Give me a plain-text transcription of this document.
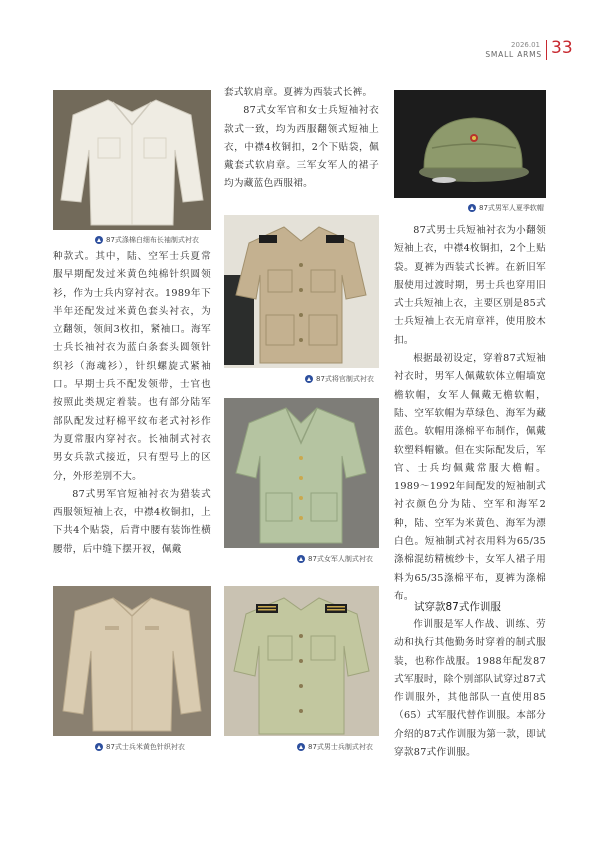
2026.01
SMALL ARMS 33
87式涤棉白细布长袖制式衬衣

种款式。其中，陆、空军士兵夏常服早期配发过米黄色纯棉针织圆领衫，作为士兵内穿衬衣。1989年下半年还配发过米黄色套头衬衣，为立翻领，领间3枚扣，紧袖口。海军士兵长袖衬衣为蓝白条套头圆领针织衫（海魂衫），针织螺旋式紧袖口。早期士兵不配发领带，士官也按照此类规定着装。也有部分陆军部队配发过籽棉平纹布老式衬衫作为夏常服内穿衬衣。长袖制式衬衣男女兵款式接近，只有型号上的区分，外形差别不大。

87式男军官短袖衬衣为猎装式西服领短袖上衣，中襟4枚铜扣，上下共4个贴袋，后背中腰有装饰性横腰带，后中缝下摆开衩，佩戴

87式士兵米黄色针织衬衣

套式软肩章。夏裤为西装式长裤。

87式女军官和女士兵短袖衬衣款式一致，均为西服翻领式短袖上衣，中襟4枚铜扣，2个下贴袋，佩戴套式软肩章。三军女军人的裙子均为藏蓝色西服裙。

87式将官制式衬衣
87式女军人制式衬衣
87式男士兵制式衬衣
87式男军人夏季软帽

87式男士兵短袖衬衣为小翻领短袖上衣，中襟4枚铜扣，2个上贴袋。夏裤为西装式长裤。在新旧军服使用过渡时期，男士兵也穿用旧式士兵短袖上衣，主要区别是85式士兵短袖上衣无肩章袢，使用胶木扣。

根据最初设定，穿着87式短袖衬衣时，男军人佩戴软体立帽墙宽檐软帽，女军人佩戴无檐软帽，陆、空军软帽为草绿色、海军为藏蓝色。软帽用涤棉平布制作，佩戴软塑料帽徽。但在实际配发后，军官、士兵均佩戴常服大檐帽。1989～1992年间配发的短袖制式衬衣颜色分为陆、空军和海军2种，陆、空军为米黄色、海军为漂白色。短袖制式衬衣用料为65/35涤棉混纺精梳纱卡，女军人裙子用料为65/35涤棉平布，夏裤为涤棉布。

试穿款87式作训服

作训服是军人作战、训练、劳动和执行其他勤务时穿着的制式服装，也称作战服。1988年配发87式军服时，除个别部队试穿过87式作训服外，其他部队一直使用85（65）式军服代替作训服。本部分介绍的87式作训服为第一款，即试穿款87式作训服。
